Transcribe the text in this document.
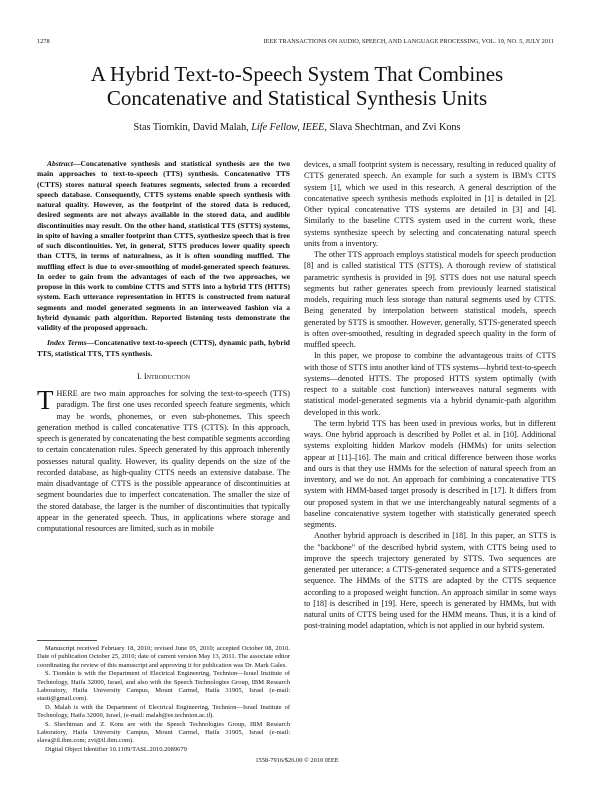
1278	IEEE TRANSACTIONS ON AUDIO, SPEECH, AND LANGUAGE PROCESSING, VOL. 19, NO. 5, JULY 2011
A Hybrid Text-to-Speech System That Combines
Concatenative and Statistical Synthesis Units
Stas Tiomkin, David Malah, Life Fellow, IEEE, Slava Shechtman, and Zvi Kons

Abstract—Concatenative synthesis and statistical synthesis are the two main approaches to text-to-speech (TTS) synthesis. Concatenative TTS (CTTS) stores natural speech features segments, selected from a recorded speech database. Consequently, CTTS systems enable speech synthesis with natural quality. However, as the footprint of the stored data is reduced, desired segments are not always available in the stored data, and audible discontinuities may result. On the other hand, statistical TTS (STTS) systems, in spite of having a smaller footprint than CTTS, synthesize speech that is free of such discontinuities. Yet, in general, STTS produces lower quality speech than CTTS, in terms of naturalness, as it is often sounding muffled. The muffling effect is due to over-smoothing of model-generated speech features. In order to gain from the advantages of each of the two approaches, we propose in this work to combine CTTS and STTS into a hybrid TTS (HTTS) system. Each utterance representation in HTTS is constructed from natural segments and model generated segments in an interweaved fashion via a hybrid dynamic path algorithm. Reported listening tests demonstrate the validity of the proposed approach.

Index Terms—Concatenative text-to-speech (CTTS), dynamic path, hybrid TTS, statistical TTS, TTS synthesis.

I. Introduction

THERE are two main approaches for solving the text-to-speech (TTS) paradigm. The first one uses recorded speech feature segments, which may be words, phonemes, or even sub-phonemes. This speech generation method is called concatenative TTS (CTTS). In this approach, speech is generated by concatenating the best compatible segments according to certain concatenation rules. Speech generated by this approach inherently possesses natural quality. However, its quality depends on the size of the recorded database, as high-quality CTTS needs an extensive database. The main disadvantage of CTTS is the possible appearance of discontinuities at segment boundaries due to imperfect concatenation. The smaller the size of the stored database, the larger is the number of discontinuities that typically appear in the generated speech. Thus, in applications where storage and computational resources are limited, such as in mobile

Manuscript received February 18, 2010; revised June 05, 2010; accepted October 08, 2010. Date of publication October 25, 2010; date of current version May 13, 2011. The associate editor coordinating the review of this manuscript and approving it for publication was Dr. Mark Gales.

S. Tiomkin is with the Department of Electrical Engineering, Technion—Israel Institute of Technology, Haifa 32000, Israel, and also with the Speech Technologies Group, IBM Research Laboratory, Haifa University Campus, Mount Carmel, Haifa 31905, Israel (e-mail: stasti@gmail.com).

D. Malah is with the Department of Electrical Engineering, Technion—Israel Institute of Technology, Haifa 32000, Israel, (e-mail: malah@ee.technion.ac.il).

S. Shechtman and Z. Kons are with the Speech Technologies Group, IBM Research Laboratory, Haifa University Campus, Mount Carmel, Haifa 31905, Israel (e-mail: slava@il.ibm.com; zvi@il.ibm.com).

Digital Object Identifier 10.1109/TASL.2010.2089679

devices, a small footprint system is necessary, resulting in reduced quality of CTTS generated speech. An example for such a system is IBM's CTTS system [1], which we used in this research. A general description of the concatenative speech synthesis methods exploited in [1] is detailed in [2]. Other typical concatenative TTS systems are detailed in [3] and [4]. Similarly to the baseline CTTS system used in the current work, these systems synthesize speech by selecting and concatenating natural speech units from a inventory.

The other TTS approach employs statistical models for speech production [8] and is called statistical TTS (STTS). A thorough review of statistical parametric synthesis is provided in [9]. STTS does not use natural speech segments but rather generates speech from previously learned statistical models, requiring much less storage than natural segments used by CTTS. Being generated by interpolation between statistical models, speech generated by STTS is smoother. However, generally, STTS-generated speech is often over-smoothed, resulting in degraded speech quality in the form of muffled speech.

In this paper, we propose to combine the advantageous traits of CTTS with those of STTS into another kind of TTS systems—hybrid text-to-speech systems—denoted HTTS. The proposed HTTS system optimally (with respect to a suitable cost function) interweaves natural segments with statistical model-generated segments via a hybrid dynamic-path algorithm developed in this work.

The term hybrid TTS has been used in previous works, but in different ways. One hybrid approach is described by Pollet et al. in [10]. Additional systems exploiting hidden Markov models (HMMs) for units selection appear at [11]–[16]. The main and critical difference between those works and ours is that they use HMMs for the selection of natural speech from an inventory, and we do not. An approach for combining a concatenative TTS system with HMM-based target prosody is described in [17]. It differs from our proposed system in that we use interchangeably natural segments of a baseline concatenative system together with statistically generated speech segments.

Another hybrid approach is described in [18]. In this paper, an STTS is the "backbone" of the described hybrid system, with CTTS being used to improve the speech trajectory generated by STTS. Two sequences are generated per utterance: a CTTS-generated sequence and a STTS-generated sequence. The HMMs of the STTS are adapted by the CTTS sequence according to a proposed weight function. An approach similar in some ways to [18] is described in [19]. Here, speech is generated by HMMs, but with natural units of CTTS being used for the HMM means. Thus, it is a kind of post-training model adaptation, which is not applied in our hybrid system.

1558-7916/$26.00 © 2010 IEEE
